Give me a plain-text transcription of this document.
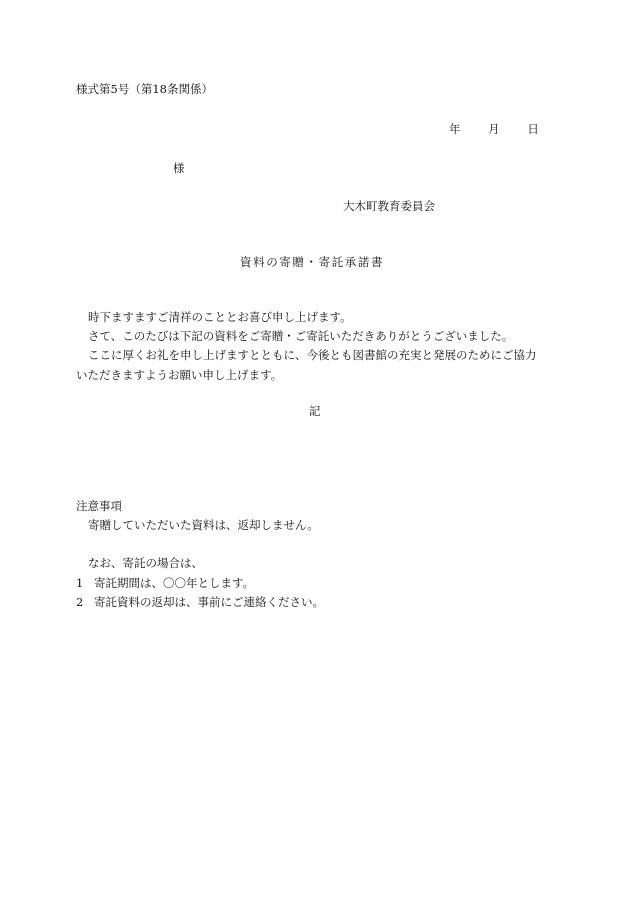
様式第5号（第18条関係）
年 月 日
様
大木町教育委員会
資料の寄贈・寄託承諾書
時下ますますご清祥のこととお喜び申し上げます。
さて、このたびは下記の資料をご寄贈・ご寄託いただきありがとうございました。
ここに厚くお礼を申し上げますとともに、今後とも図書館の充実と発展のためにご協力
いただきますようお願い申し上げます。
記
注意事項
寄贈していただいた資料は、返却しません。
なお、寄託の場合は、
1 寄託期間は、〇〇年とします。
2 寄託資料の返却は、事前にご連絡ください。
